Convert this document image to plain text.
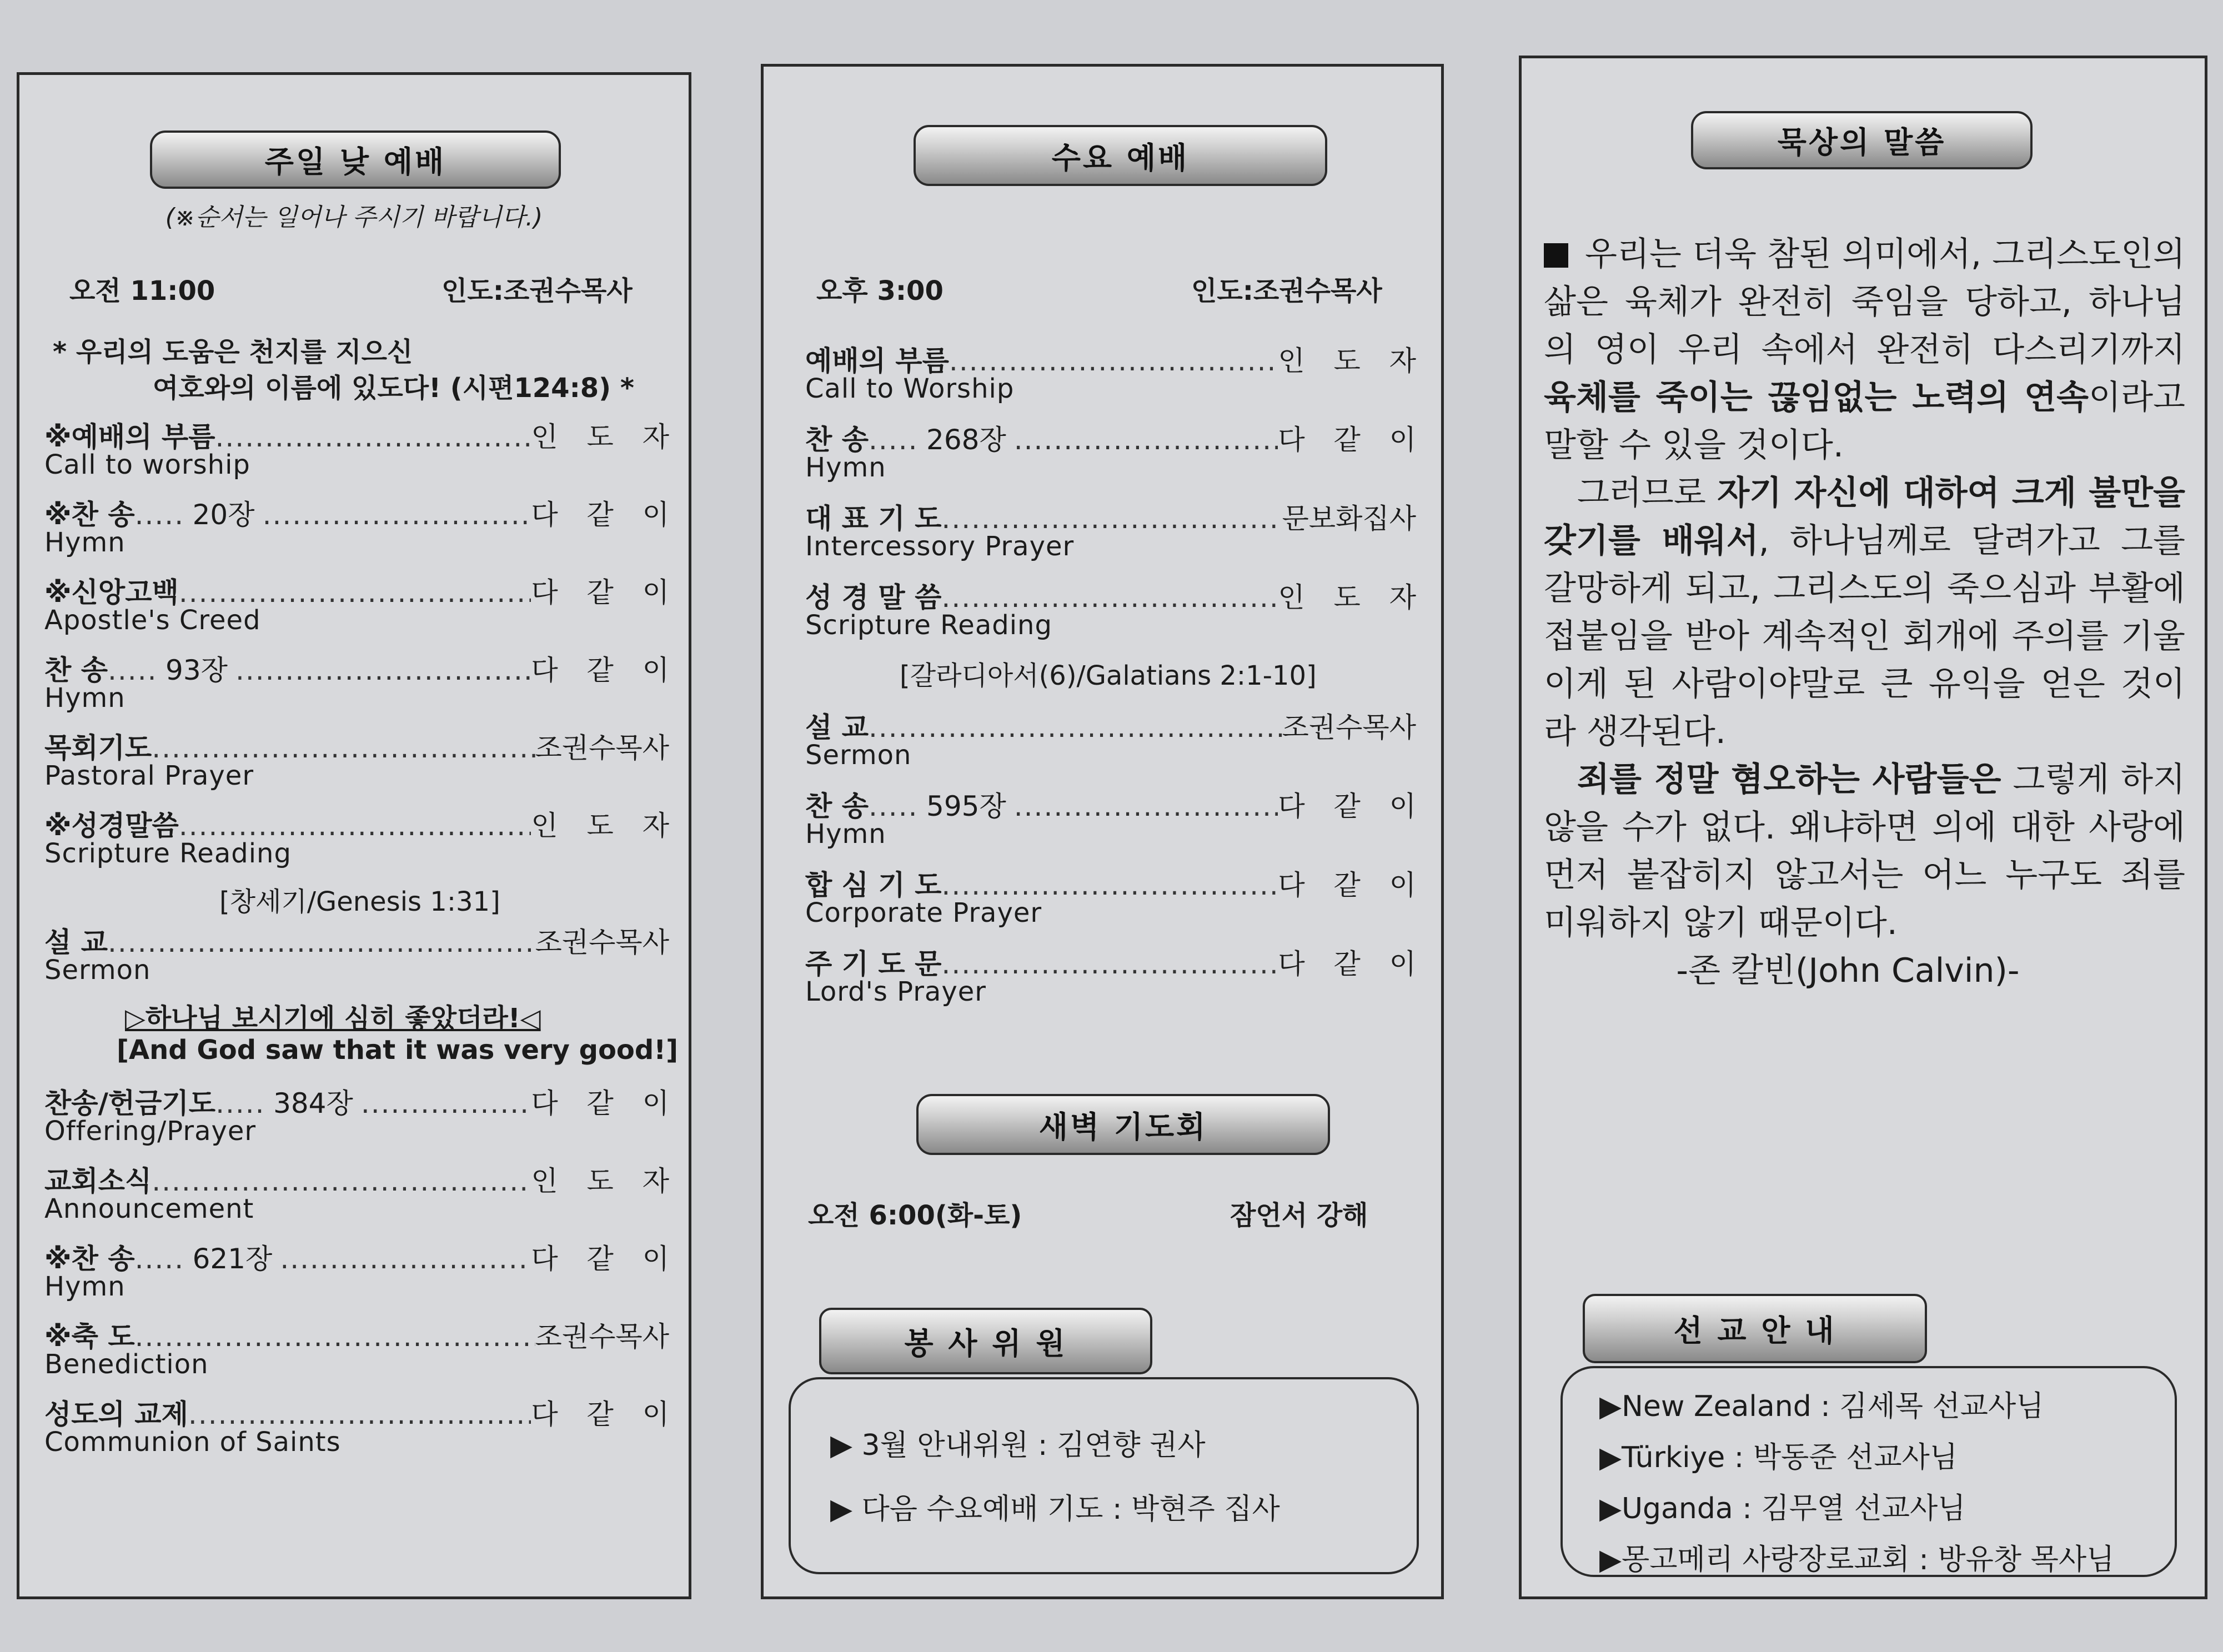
주일 낮 예배
(※순서는 일어나 주시기 바랍니다.)
오전 11:00	인도:조권수목사
* 우리의 도움은 천지를 지으신
여호와의 이름에 있도다! (시편124:8) *
※예배의 부름 .....	인 도 자
Call to worship
※찬 송 ..... 20장 .....	다 같 이
Hymn
※신앙고백 .....	다 같 이
Apostle's Creed
찬 송 ..... 93장 .....	다 같 이
Hymn
목회기도 .....	조권수목사
Pastoral Prayer
※성경말씀 .....	인 도 자
Scripture Reading
[창세기/Genesis 1:31]
설 교 .....	조권수목사
Sermon
▷하나님 보시기에 심히 좋았더라!◁
[And God saw that it was very good!]
찬송/헌금기도 ..... 384장 .....	다 같 이
Offering/Prayer
교회소식 .....	인 도 자
Announcement
※찬 송 ..... 621장 .....	다 같 이
Hymn
※축 도 .....	조권수목사
Benediction
성도의 교제 .....	다 같 이
Communion of Saints
수요 예배
오후 3:00	인도:조권수목사
예배의 부름 .....	인 도 자
Call to Worship
찬 송 ..... 268장 .....	다 같 이
Hymn
대 표 기 도 .....	문보화집사
Intercessory Prayer
성 경 말 씀 .....	인 도 자
Scripture Reading
[갈라디아서(6)/Galatians 2:1-10]
설 교 .....	조권수목사
Sermon
찬 송 ..... 595장 .....	다 같 이
Hymn
합 심 기 도 .....	다 같 이
Corporate Prayer
주 기 도 문 .....	다 같 이
Lord's Prayer
새벽 기도회
오전 6:00(화-토)	잠언서 강해
봉 사 위 원
▶ 3월 안내위원 : 김연향 권사
▶ 다음 수요예배 기도 : 박현주 집사
묵상의 말씀

우리는 더욱 참된 의미에서, 그리스도인의 삶은 육체가 완전히 죽임을 당하고, 하나님의 영이 우리 속에서 완전히 다스리기까지 육체를 죽이는 끊임없는 노력의 연속이라고 말할 수 있을 것이다.

그러므로 자기 자신에 대하여 크게 불만을 갖기를 배워서, 하나님께로 달려가고 그를 갈망하게 되고, 그리스도의 죽으심과 부활에 접붙임을 받아 계속적인 회개에 주의를 기울이게 된 사람이야말로 큰 유익을 얻은 것이라 생각된다.

죄를 정말 혐오하는 사람들은 그렇게 하지 않을 수가 없다. 왜냐하면 의에 대한 사랑에 먼저 붙잡히지 않고서는 어느 누구도 죄를 미워하지 않기 때문이다.

-존 칼빈(John Calvin)-

선 교 안 내
▶New Zealand : 김세목 선교사님
▶Türkiye : 박동준 선교사님
▶Uganda : 김무열 선교사님
▶몽고메리 사랑장로교회 : 방유창 목사님
